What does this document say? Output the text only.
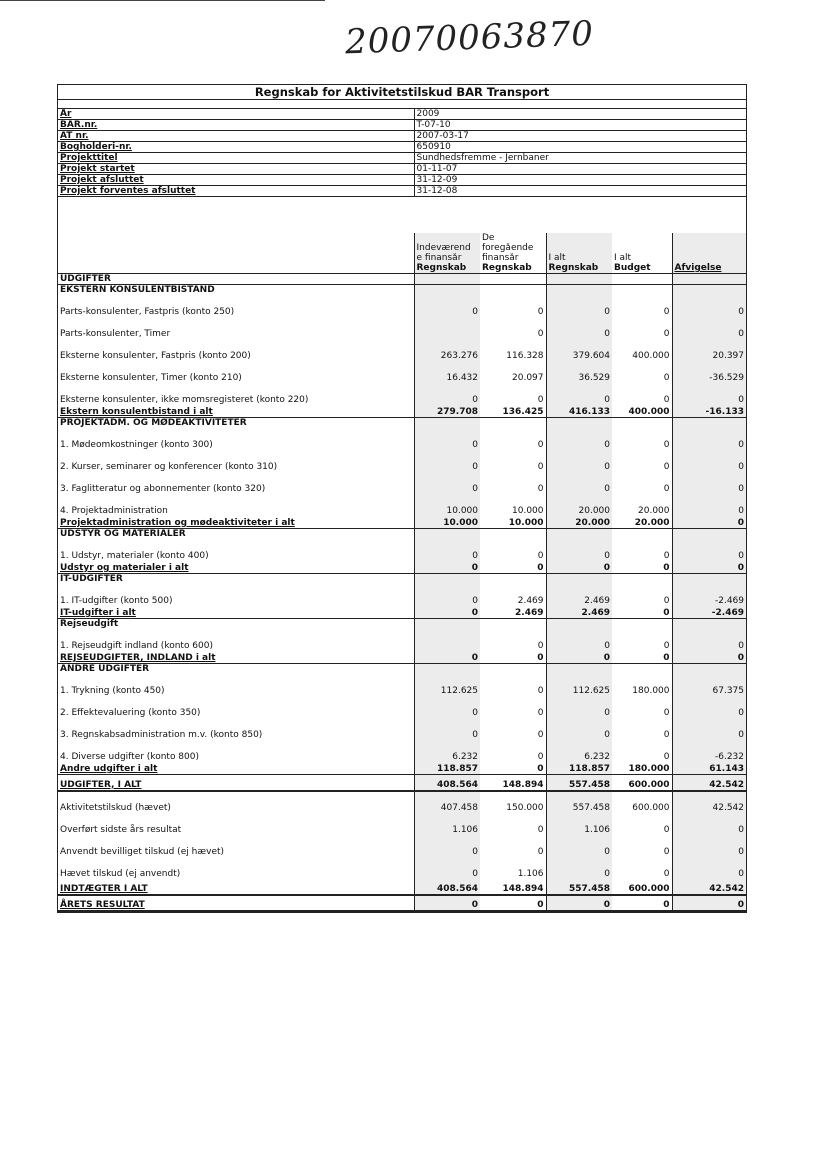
20070063870
Regnskab for Aktivitetstilskud BAR Transport
År	2009
BAR.nr.	T-07-10
AT nr.	2007-03-17
Bogholderi-nr.	650910
Projekttitel	Sundhedsfremme - Jernbaner
Projekt startet	01-11-07
Projekt afsluttet	31-12-09
Projekt forventes afsluttet	31-12-08
		De			
	Indeværend	foregående			
	e finansår	finansår	I alt	I alt	
	Regnskab	Regnskab	Regnskab	Budget	Afvigelse
UDGIFTER					
EKSTERN KONSULENTBISTAND					
Parts-konsulenter, Fastpris (konto 250)	0	0	0	0	0
Parts-konsulenter, Timer		0	0	0	0
Eksterne konsulenter, Fastpris (konto 200)	263.276	116.328	379.604	400.000	20.397
Eksterne konsulenter, Timer (konto 210)	16.432	20.097	36.529	0	-36.529
Eksterne konsulenter, ikke momsregisteret (konto 220)	0	0	0	0	0
Ekstern konsulentbistand i alt	279.708	136.425	416.133	400.000	-16.133
PROJEKTADM. OG MØDEAKTIVITETER					
1. Mødeomkostninger (konto 300)	0	0	0	0	0
2. Kurser, seminarer og konferencer (konto 310)	0	0	0	0	0
3. Faglitteratur og abonnementer (konto 320)	0	0	0	0	0
4. Projektadministration	10.000	10.000	20.000	20.000	0
Projektadministration og mødeaktiviteter i alt	10.000	10.000	20.000	20.000	0
UDSTYR OG MATERIALER					
1. Udstyr, materialer (konto 400)	0	0	0	0	0
Udstyr og materialer i alt	0	0	0	0	0
IT-UDGIFTER					
1. IT-udgifter (konto 500)	0	2.469	2.469	0	-2.469
IT-udgifter i alt	0	2.469	2.469	0	-2.469
Rejseudgift					
1. Rejseudgift indland (konto 600)		0	0	0	0
REJSEUDGIFTER, INDLAND i alt	0	0	0	0	0
ANDRE UDGIFTER					
1. Trykning (konto 450)	112.625	0	112.625	180.000	67.375
2. Effektevaluering (konto 350)	0	0	0	0	0
3. Regnskabsadministration m.v. (konto 850)	0	0	0	0	0
4. Diverse udgifter (konto 800)	6.232	0	6.232	0	-6.232
Andre udgifter i alt	118.857	0	118.857	180.000	61.143
UDGIFTER, I ALT	408.564	148.894	557.458	600.000	42.542
Aktivitetstilskud (hævet)	407.458	150.000	557.458	600.000	42.542
Overført sidste års resultat	1.106	0	1.106	0	0
Anvendt bevilliget tilskud (ej hævet)	0	0	0	0	0
Hævet tilskud (ej anvendt)	0	1.106	0	0	0
INDTÆGTER I ALT	408.564	148.894	557.458	600.000	42.542
ÅRETS RESULTAT	0	0	0	0	0
